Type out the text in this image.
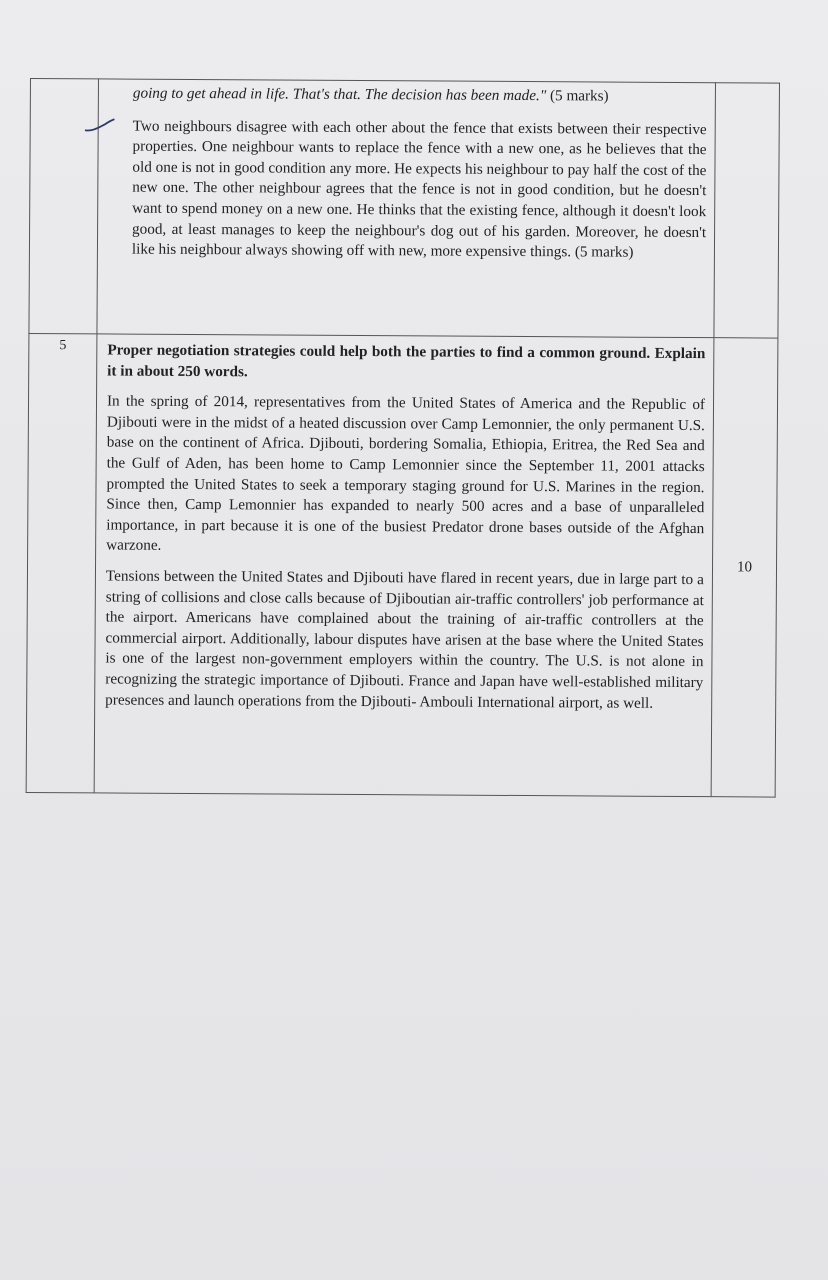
	going to get ahead in life. That's that. The decision has been made." (5 marks)

Two neighbours disagree with each other about the fence that exists between their respective properties. One neighbour wants to replace the fence with a new one, as he believes that the old one is not in good condition any more. He expects his neighbour to pay half the cost of the new one. The other neighbour agrees that the fence is not in good condition, but he doesn't want to spend money on a new one. He thinks that the existing fence, although it doesn't look good, at least manages to keep the neighbour's dog out of his garden. Moreover, he doesn't like his neighbour always showing off with new, more expensive things. (5 marks)	

5	Proper negotiation strategies could help both the parties to find a common ground. Explain it in about 250 words.

In the spring of 2014, representatives from the United States of America and the Republic of Djibouti were in the midst of a heated discussion over Camp Lemonnier, the only permanent U.S. base on the continent of Africa. Djibouti, bordering Somalia, Ethiopia, Eritrea, the Red Sea and the Gulf of Aden, has been home to Camp Lemonnier since the September 11, 2001 attacks prompted the United States to seek a temporary staging ground for U.S. Marines in the region. Since then, Camp Lemonnier has expanded to nearly 500 acres and a base of unparalleled importance, in part because it is one of the busiest Predator drone bases outside of the Afghan warzone.

Tensions between the United States and Djibouti have flared in recent years, due in large part to a string of collisions and close calls because of Djiboutian air-traffic controllers' job performance at the airport. Americans have complained about the training of air-traffic controllers at the commercial airport. Additionally, labour disputes have arisen at the base where the United States is one of the largest non-government employers within the country. The U.S. is not alone in recognizing the strategic importance of Djibouti. France and Japan have well-established military presences and launch operations from the Djibouti- Ambouli International airport, as well.	10
